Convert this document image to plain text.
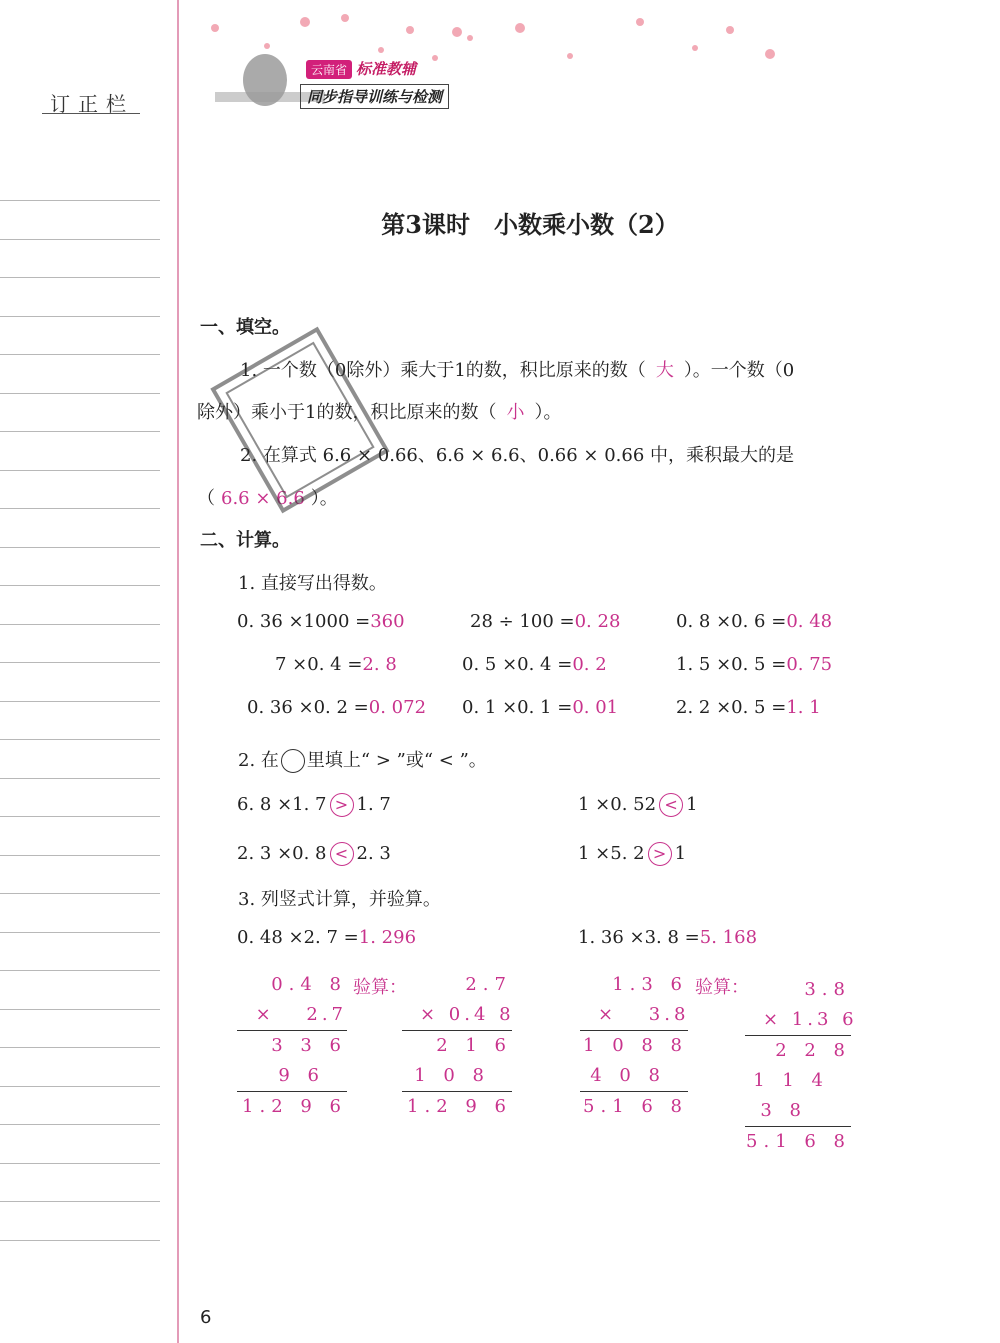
订正栏
云南省 标准教辅
同步指导训练与检测
第3课时　小数乘小数（2）
一、填空。
1. 一个数（0除外）乘大于1的数，积比原来的数（ 大 ）。一个数（0
除外）乘小于1的数，积比原来的数（ 小 ）。
2. 在算式 6.6 × 0.66、6.6 × 6.6、0.66 × 0.66 中，乘积最大的是
（ 6.6 × 6.6 ）。
二、计算。
1. 直接写出得数。
0. 36 ×1000 =360	28 ÷ 100 =0. 28	0. 8 ×0. 6 =0. 48
7 ×0. 4 =2. 8	0. 5 ×0. 4 =0. 2	1. 5 ×0. 5 =0. 75
0. 36 ×0. 2 =0. 072 0. 1 ×0. 1 =0. 01	2. 2 ×0. 5 =1. 1
2. 在 里填上“ > ”或“ < ”。
6. 8 ×1. 7 > 1. 7	1 ×0. 52 < 1
2. 3 ×0. 8 < 2. 3	1 ×5. 2 > 1
3. 列竖式计算，并验算。
0. 48 ×2. 7 =1. 296	1. 36 ×3. 8 =5. 168
验算：	验算：
0.4 8
× 　2.7
3 3 6
9 6
1.2 9 6
2.7
× 0.4 8
2 1 6
1 0 8
1.2 9 6
1.3 6
× 　3.8
1 0 8 8
4 0 8
5.1 6 8
3.8
× 1.3 6
2 2 8
1 1 4
3 8
5.1 6 8
6
